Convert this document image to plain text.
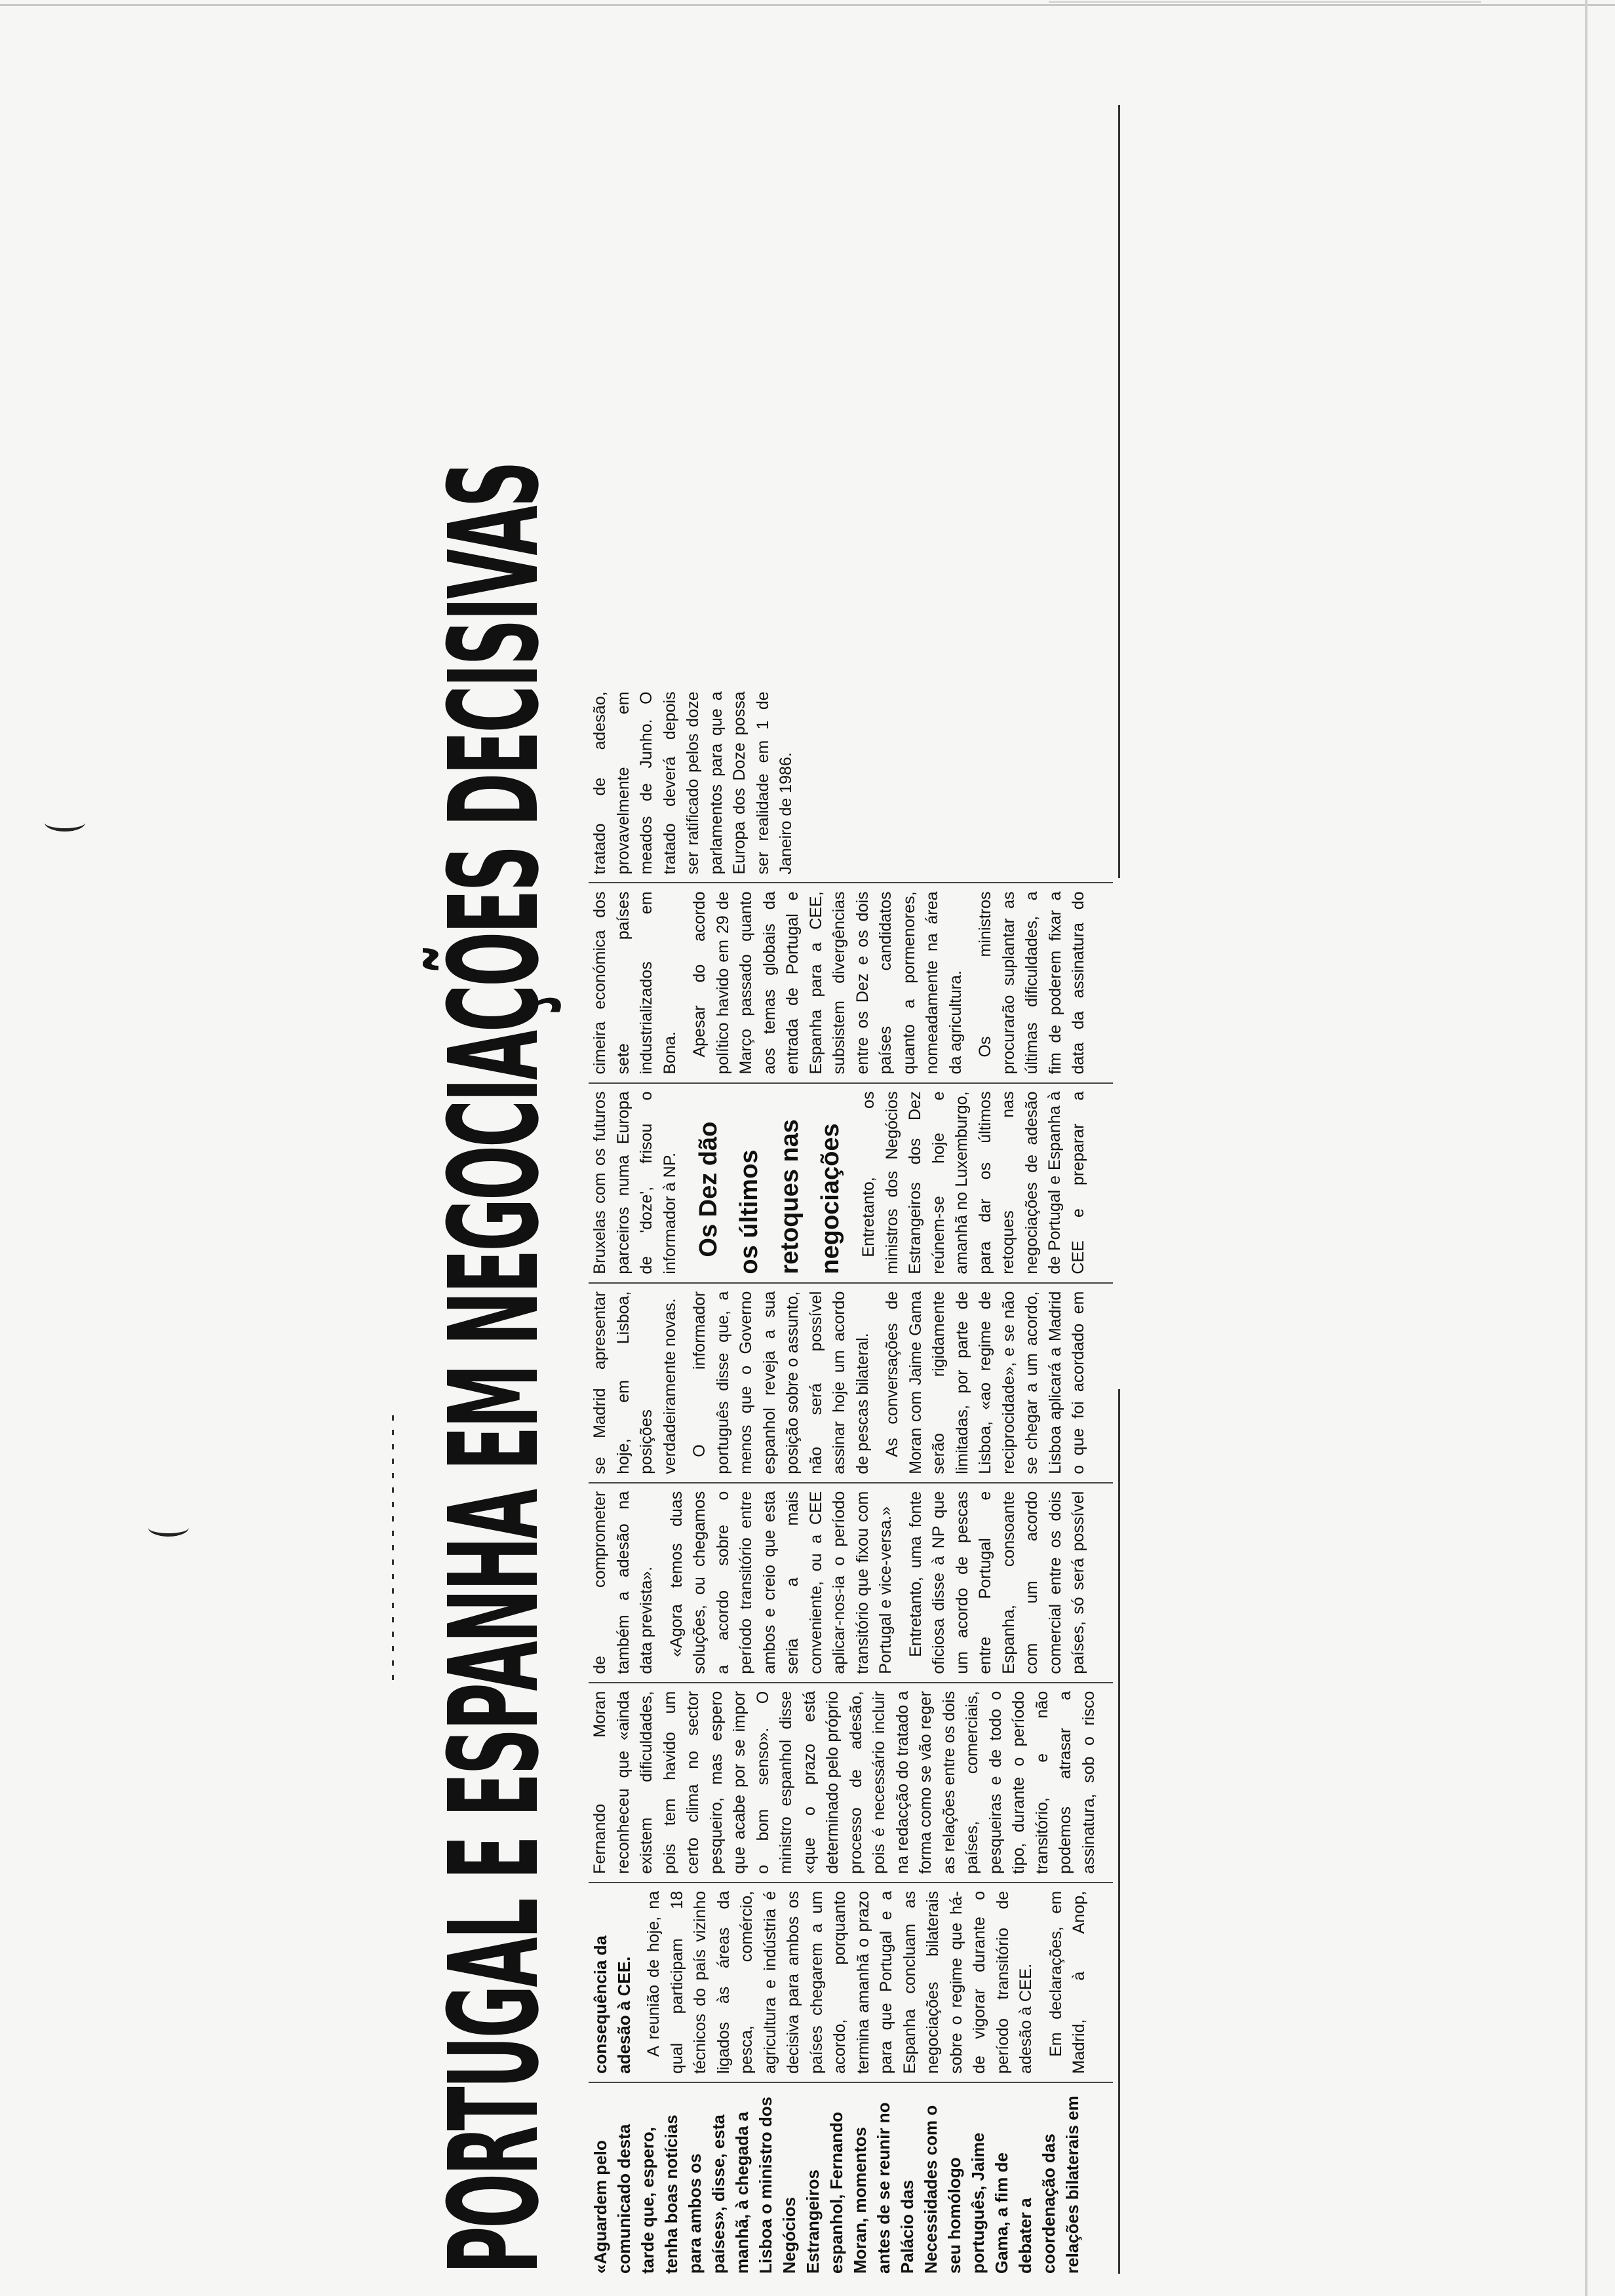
PORTUGAL E ESPANHA EM NEGOCIAÇÕES DECISIVAS	«Aguardem pelo comunicado desta tarde que, espero, tenha boas notícias para ambos os países», disse, esta manhã, à chegada a Lisboa o ministro dos Negócios Estrangeiros espanhol, Fernando Moran, momentos antes de se reunir no Palácio das Necessidades com o seu homólogo português, Jaime Gama, a fim de debater a coordenação das relações bilaterais em consequência da adesão à CEE. A reunião de hoje, na qual participam 18 técnicos do país vizinho ligados às áreas da pesca, comércio, agricultura e indústria é decisiva para ambos os países chegarem a um acordo, porquanto termina amanhã o prazo para que Portugal e a Espanha concluam as negociações bilaterais sobre o regime que há-de vigorar durante o período transitório de adesão à CEE. Em declarações, em Madrid, à Anop, Fernando Moran reconheceu que «ainda existem dificuldades, pois tem havido um certo clima no sector pesqueiro, mas espero que acabe por se impor o bom senso». O ministro espanhol disse «que o prazo está determinado pelo próprio processo de adesão, pois é necessário incluir na redacção do tratado a forma como se vão reger as relações entre os dois países, comerciais, pesqueiras e de todo o tipo, durante o período transitório, e não podemos atrasar a assinatura, sob o risco de comprometer também a adesão na data prevista». «Agora temos duas soluções, ou chegamos a acordo sobre o período transitório entre ambos e creio que esta seria a mais conveniente, ou a CEE aplicar-nos-ia o período transitório que fixou com Portugal e vice-versa.» Entretanto, uma fonte oficiosa disse à NP que um acordo de pescas entre Portugal e Espanha, consoante com um acordo comercial entre os dois países, só será possível se Madrid apresentar hoje, em Lisboa, posições verdadeiramente novas. O informador português disse que, a menos que o Governo espanhol reveja a sua posição sobre o assunto, não será possível assinar hoje um acordo de pescas bilateral. As conversações de Moran com Jaime Gama serão rigidamente limitadas, por parte de Lisboa, «ao regime de reciprocidade», e se não se chegar a um acordo, Lisboa aplicará a Madrid o que foi acordado em Bruxelas com os futuros parceiros numa Europa de 'doze', frisou o informador à NP. Os Dez dão os últimos retoques nas negociações Entretanto, os ministros dos Negócios Estrangeiros dos Dez reúnem-se hoje e amanhã no Luxemburgo, para dar os últimos retoques nas negociações de adesão de Portugal e Espanha à CEE e preparar a cimeira económica dos sete países industrializados em Bona. Apesar do acordo político havido em 29 de Março passado quanto aos temas globais da entrada de Portugal e Espanha para a CEE, subsistem divergências entre os Dez e os dois países candidatos quanto a pormenores, nomeadamente na área da agricultura. Os ministros procurarão suplantar as últimas dificuldades, a fim de poderem fixar a data da assinatura do tratado de adesão, provavelmente em meados de Junho. O tratado deverá depois ser ratificado pelos doze parlamentos para que a Europa dos Doze possa ser realidade em 1 de Janeiro de 1986.
